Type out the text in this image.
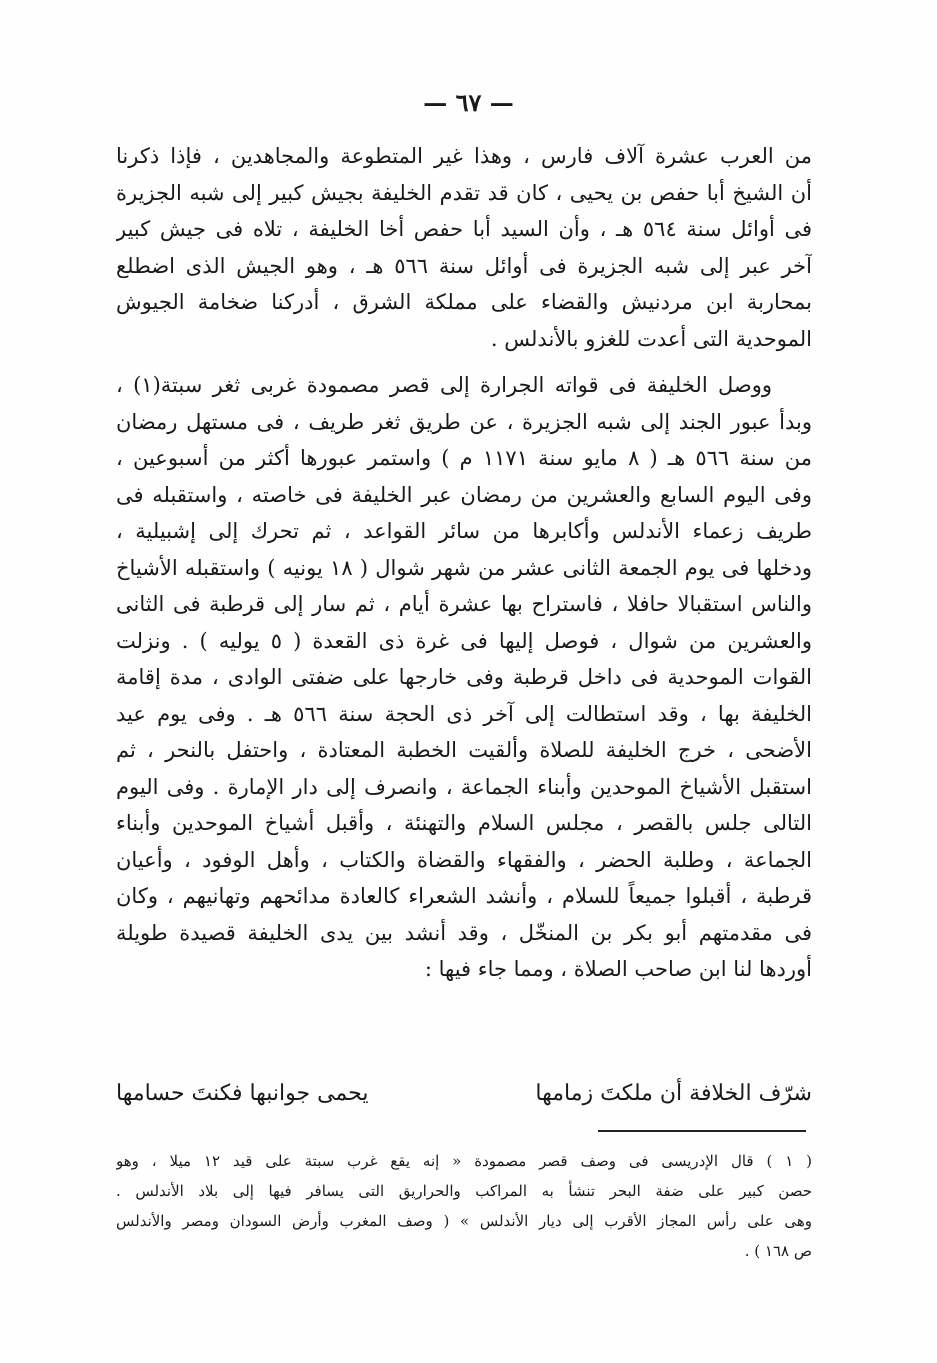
— ٦٧ —
من العرب عشرة آلاف فارس ، وهذا غير المتطوعة والمجاهدين ، فإذا ذكرنا
أن الشيخ أبا حفص بن يحيى ، كان قد تقدم الخليفة بجيش كبير إلى شبه الجزيرة
فى أوائل سنة ٥٦٤ هـ ، وأن السيد أبا حفص أخا الخليفة ، تلاه فى جيش كبير
آخر عبر إلى شبه الجزيرة فى أوائل سنة ٥٦٦ هـ ، وهو الجيش الذى اضطلع
بمحاربة ابن مردنيش والقضاء على مملكة الشرق ، أدركنا ضخامة الجيوش
الموحدية التى أعدت للغزو بالأندلس .
ووصل الخليفة فى قواته الجرارة إلى قصر مصمودة غربى ثغر سبتة(١) ،
وبدأ عبور الجند إلى شبه الجزيرة ، عن طريق ثغر طريف ، فى مستهل رمضان
من سنة ٥٦٦ هـ ( ٨ مايو سنة ١١٧١ م ) واستمر عبورها أكثر من أسبوعين ،
وفى اليوم السابع والعشرين من رمضان عبر الخليفة فى خاصته ، واستقبله فى
طريف زعماء الأندلس وأكابرها من سائر القواعد ، ثم تحرك إلى إشبيلية ،
ودخلها فى يوم الجمعة الثانى عشر من شهر شوال ( ١٨ يونيه ) واستقبله الأشياخ
والناس استقبالا حافلا ، فاستراح بها عشرة أيام ، ثم سار إلى قرطبة فى الثانى
والعشرين من شوال ، فوصل إليها فى غرة ذى القعدة ( ٥ يوليه ) . ونزلت
القوات الموحدية فى داخل قرطبة وفى خارجها على ضفتى الوادى ، مدة إقامة
الخليفة بها ، وقد استطالت إلى آخر ذى الحجة سنة ٥٦٦ هـ . وفى يوم عيد
الأضحى ، خرج الخليفة للصلاة وألقيت الخطبة المعتادة ، واحتفل بالنحر ، ثم
استقبل الأشياخ الموحدين وأبناء الجماعة ، وانصرف إلى دار الإمارة . وفى اليوم
التالى جلس بالقصر ، مجلس السلام والتهنئة ، وأقبل أشياخ الموحدين وأبناء
الجماعة ، وطلبة الحضر ، والفقهاء والقضاة والكتاب ، وأهل الوفود ، وأعيان
قرطبة ، أقبلوا جميعاً للسلام ، وأنشد الشعراء كالعادة مدائحهم وتهانيهم ، وكان
فى مقدمتهم أبو بكر بن المنخّل ، وقد أنشد بين يدى الخليفة قصيدة طويلة
أوردها لنا ابن صاحب الصلاة ، ومما جاء فيها :
شرّف الخلافة أن ملكتَ زمامها
يحمى جوانبها فكنتَ حسامها
( ١ ) قال الإدريسى فى وصف قصر مصمودة « إنه يقع غرب سبتة على قيد ١٢ ميلا ، وهو
حصن كبير على ضفة البحر تنشأ به المراكب والحراريق التى يسافر فيها إلى بلاد الأندلس .
وهى على رأس المجاز الأقرب إلى ديار الأندلس » ( وصف المغرب وأرض السودان ومصر والأندلس
ص ١٦٨ ) .
